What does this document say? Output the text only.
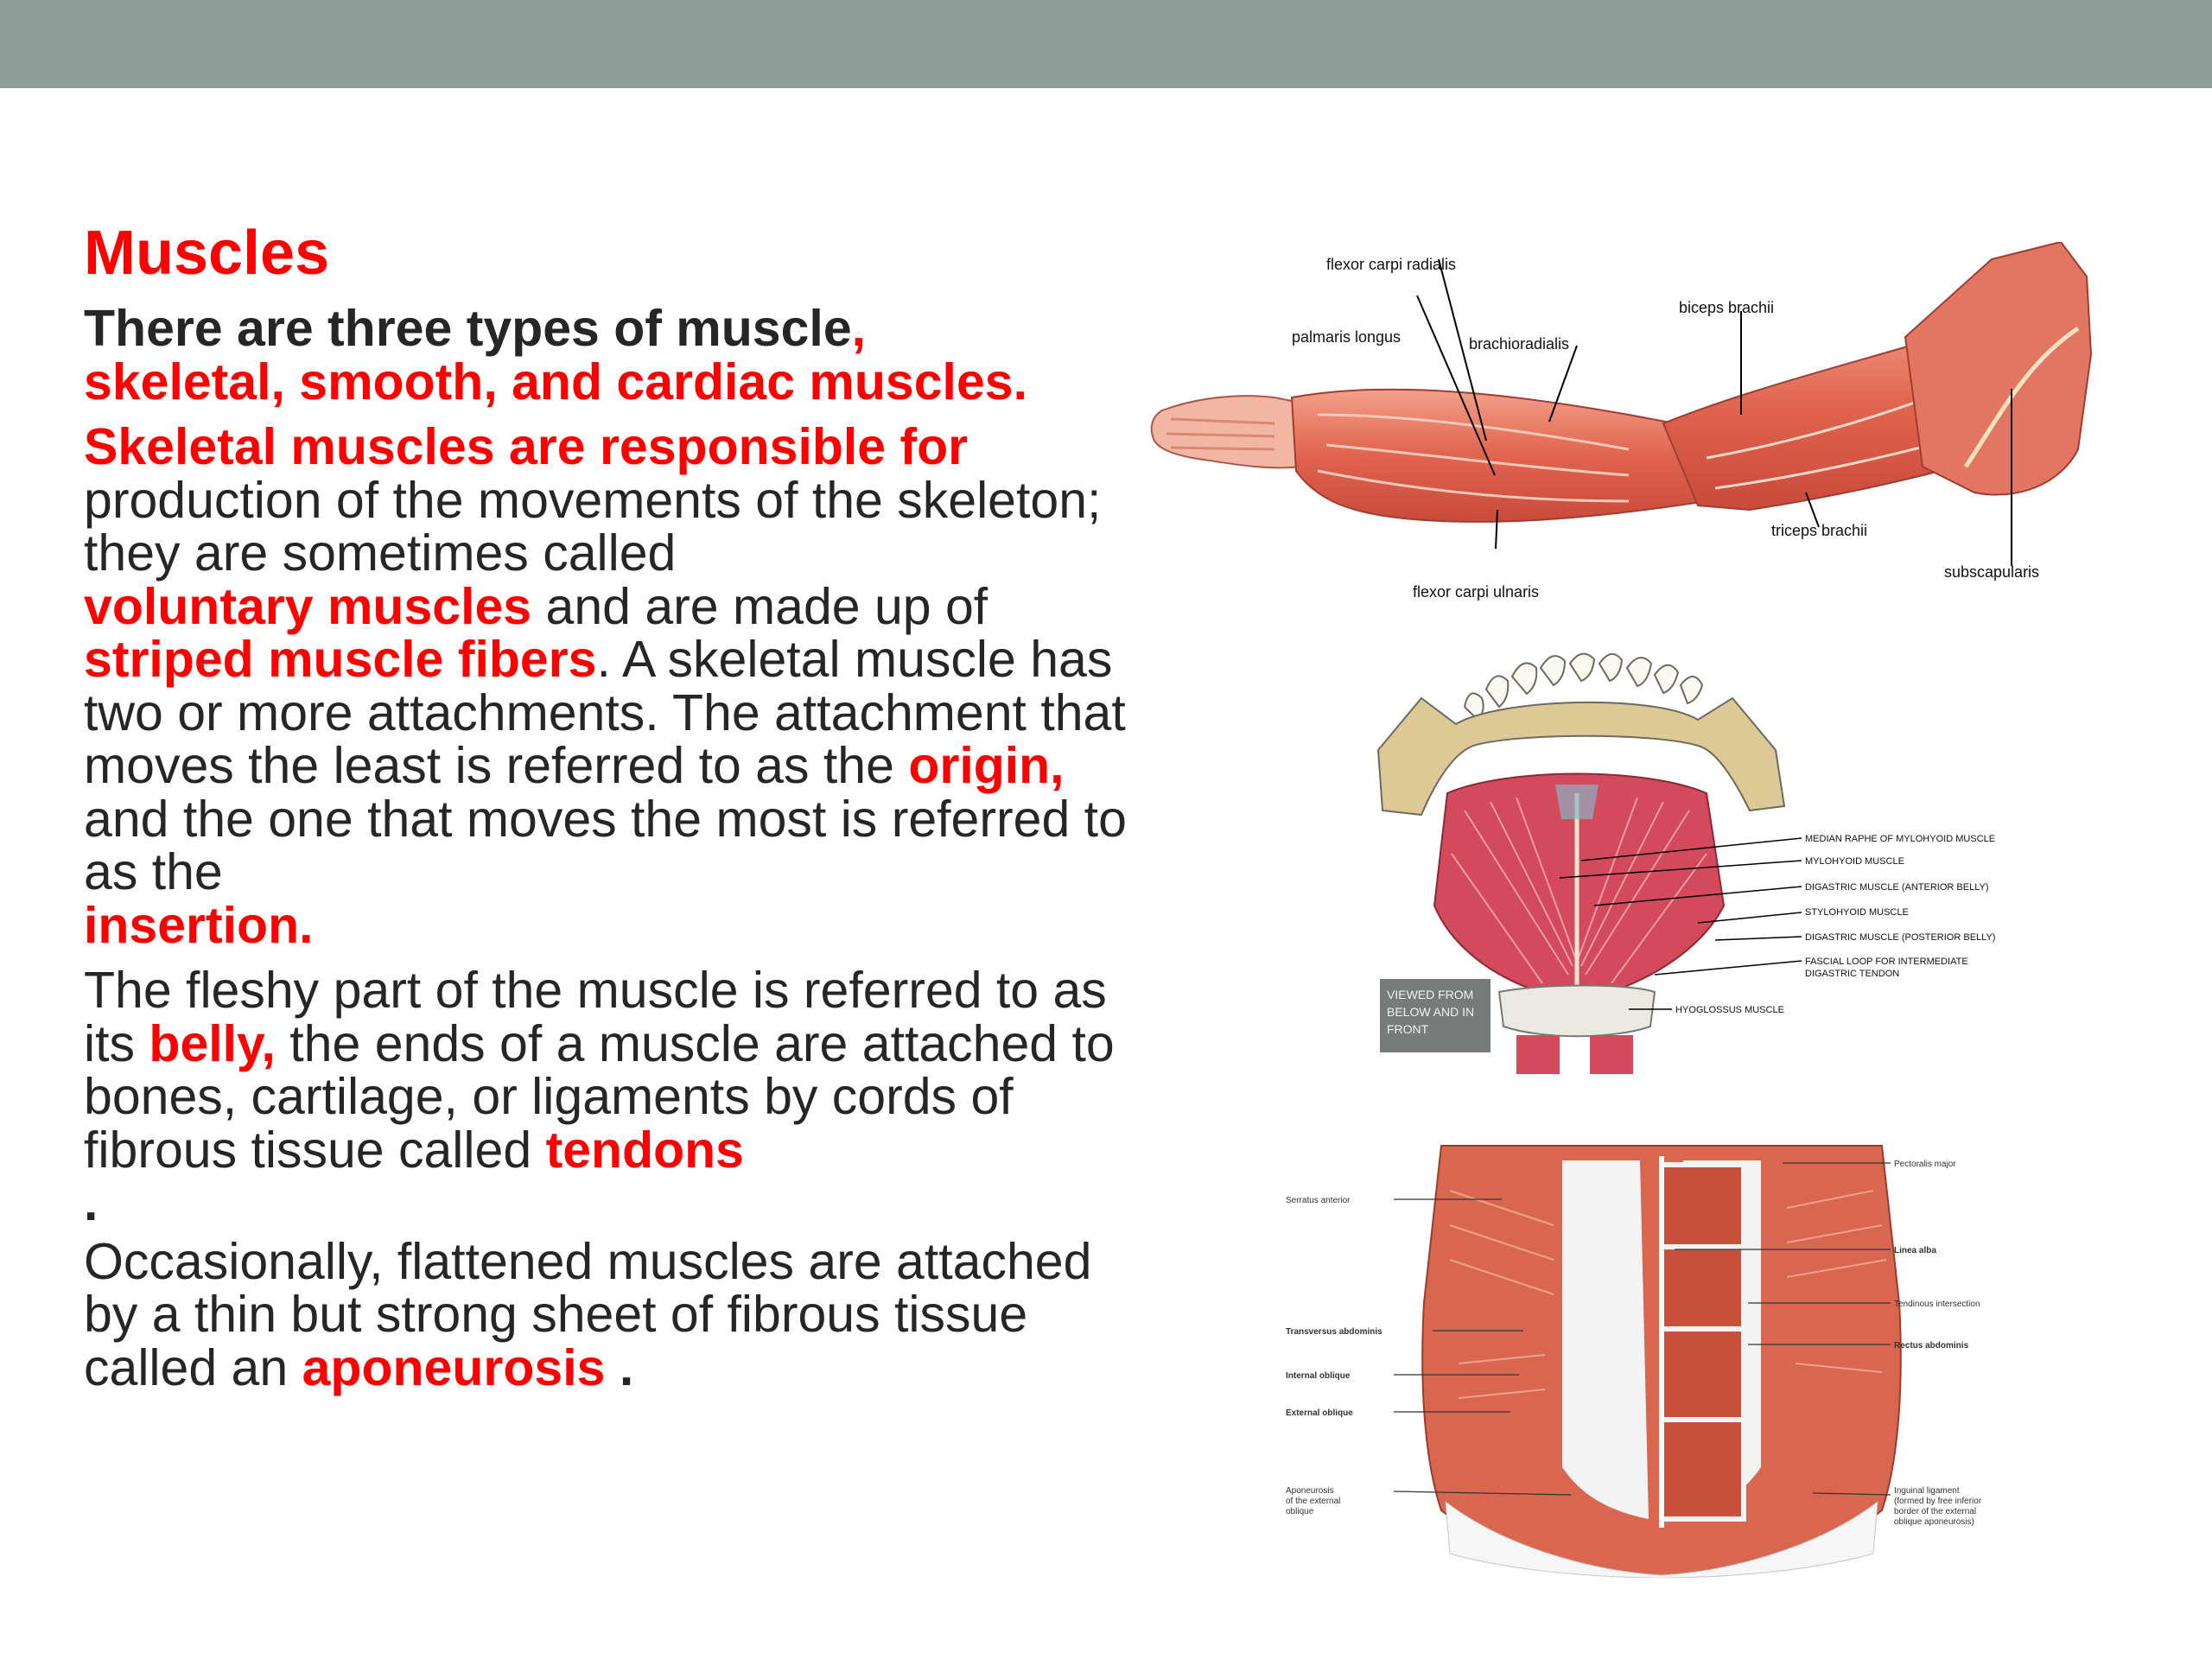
Muscles

There are three types of muscle,
skeletal, smooth, and cardiac muscles.

Skeletal muscles are responsible for
production of the movements of the skeleton; they are sometimes called
voluntary muscles and are made up of
striped muscle fibers. A skeletal muscle has two or more attachments. The attachment that moves the least is referred to as the origin, and the one that moves the most is referred to as the
insertion.

The fleshy part of the muscle is referred to as its belly, the ends of a muscle are attached to bones, cartilage, or ligaments by cords of fibrous tissue called tendons
.

Occasionally, flattened muscles are attached by a thin but strong sheet of fibrous tissue called an aponeurosis .

flexor carpi radialis
palmaris longus	brachioradialis
biceps brachii
triceps brachii
subscapularis
flexor carpi ulnaris
VIEWED FROM
BELOW AND IN
FRONT
MEDIAN RAPHE OF MYLOHYOID MUSCLE
MYLOHYOID MUSCLE
DIGASTRIC MUSCLE (ANTERIOR BELLY)
STYLOHYOID MUSCLE
DIGASTRIC MUSCLE (POSTERIOR BELLY)
FASCIAL LOOP FOR INTERMEDIATE
DIGASTRIC TENDON
HYOGLOSSUS MUSCLE
Serratus anterior
Transversus abdominis
Internal oblique
External oblique
Aponeurosis
of the external
oblique
Pectoralis major
Linea alba
Tendinous intersection
Rectus abdominis
Inguinal ligament
(formed by free inferior
border of the external
oblique aponeurosis)
